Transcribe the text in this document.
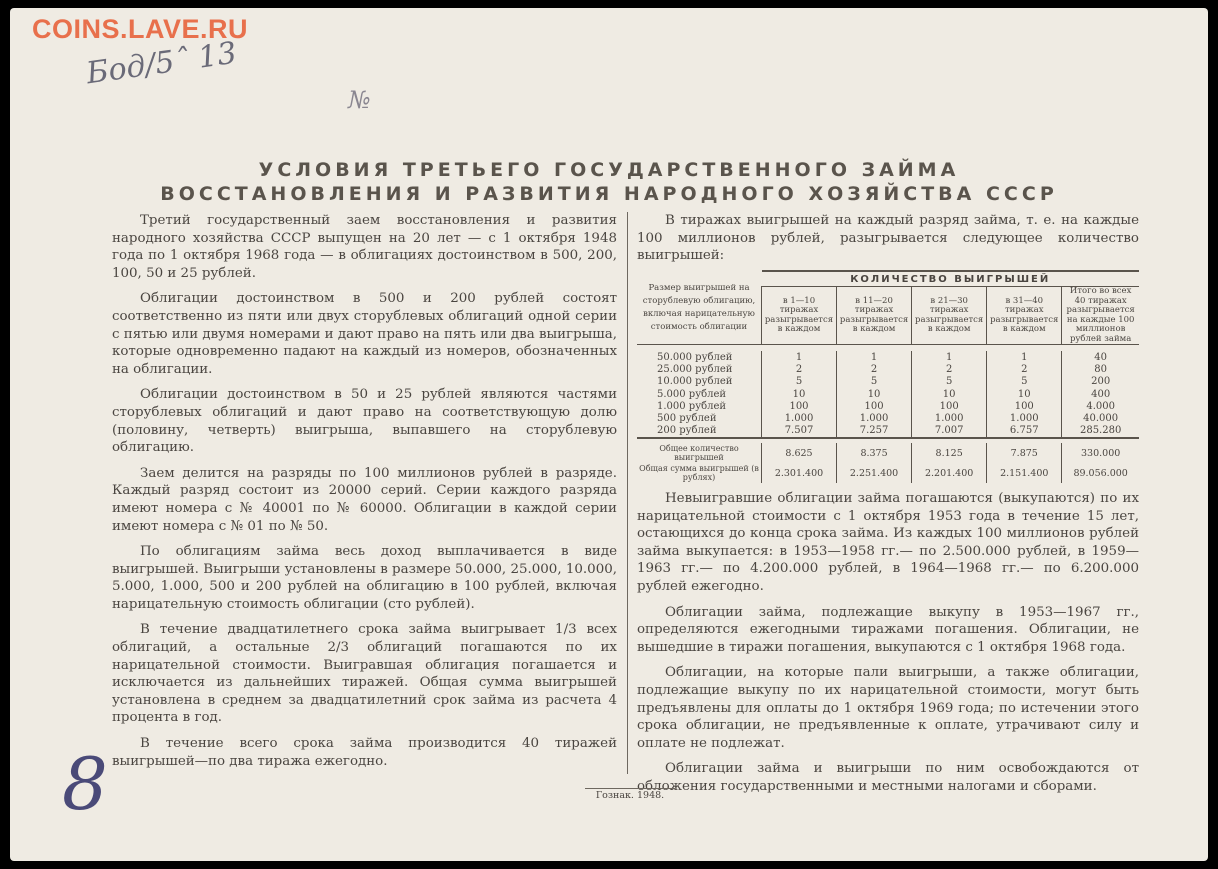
COINS.LAVE.RU
Бод/5ˆ 13
№
8
УСЛОВИЯ ТРЕТЬЕГО ГОСУДАРСТВЕННОГО ЗАЙМА
ВОССТАНОВЛЕНИЯ И РАЗВИТИЯ НАРОДНОГО ХОЗЯЙСТВА СССР

Третий государственный заем восстановления и развития народного хозяйства СССР выпущен на 20 лет — с 1 октября 1948 года по 1 октября 1968 года — в облигациях достоинством в 500, 200, 100, 50 и 25 рублей.

Облигации достоинством в 500 и 200 рублей состоят соответственно из пяти или двух сторублевых облигаций одной серии с пятью или двумя номерами и дают право на пять или два выигрыша, которые одновременно падают на каждый из номеров, обозначенных на облигации.

Облигации достоинством в 50 и 25 рублей являются частями сторублевых облигаций и дают право на соответствующую долю (половину, четверть) выигрыша, выпавшего на сторублевую облигацию.

Заем делится на разряды по 100 миллионов рублей в разряде. Каждый разряд состоит из 20000 серий. Серии каждого разряда имеют номера с № 40001 по № 60000. Облигации в каждой серии имеют номера с № 01 по № 50.

По облигациям займа весь доход выплачивается в виде выигрышей. Выигрыши установлены в размере 50.000, 25.000, 10.000, 5.000, 1.000, 500 и 200 рублей на облигацию в 100 рублей, включая нарицательную стоимость облигации (сто рублей).

В течение двадцатилетнего срока займа выигрывает 1/3 всех облигаций, а остальные 2/3 облигаций погашаются по их нарицательной стоимости. Выигравшая облигация погашается и исключается из дальнейших тиражей. Общая сумма выигрышей установлена в среднем за двадцатилетний срок займа из расчета 4 процента в год.

В течение всего срока займа производится 40 тиражей выигрышей—по два тиража ежегодно.

В тиражах выигрышей на каждый разряд займа, т. е. на каждые 100 миллионов рублей, разыгрывается следующее количество выигрышей:

Размер выигрышей на сторублевую облигацию, включая нарицательную стоимость облигации	КОЛИЧЕСТВО ВЫИГРЫШЕЙ				
	в 1—10 тиражах разыгрывается в каждом	в 11—20 тиражах разыгрывается в каждом	в 21—30 тиражах разыгрывается в каждом	в 31—40 тиражах разыгрывается в каждом	Итого во всех 40 тиражах разыгрывается на каждые 100 миллионов рублей займа

50.000 рублей	1	1	1	1	40
25.000 рублей	2	2	2	2	80
10.000 рублей	5	5	5	5	200
5.000 рублей	10	10	10	10	400
1.000 рублей	100	100	100	100	4.000
500 рублей	1.000	1.000	1.000	1.000	40.000
200 рублей	7.507	7.257	7.007	6.757	285.280

Общее количество выигрышей	8.625	8.375	8.125	7.875	330.000
Общая сумма выигрышей (в рублях)	2.301.400	2.251.400	2.201.400	2.151.400	89.056.000

Невыигравшие облигации займа погашаются (выкупаются) по их нарицательной стоимости с 1 октября 1953 года в течение 15 лет, остающихся до конца срока займа. Из каждых 100 миллионов рублей займа выкупается: в 1953—1958 гг.— по 2.500.000 рублей, в 1959—1963 гг.— по 4.200.000 рублей, в 1964—1968 гг.— по 6.200.000 рублей ежегодно.

Облигации займа, подлежащие выкупу в 1953—1967 гг., определяются ежегодными тиражами погашения. Облигации, не вышедшие в тиражи погашения, выкупаются с 1 октября 1968 года.

Облигации, на которые пали выигрыши, а также облигации, подлежащие выкупу по их нарицательной стоимости, могут быть предъявлены для оплаты до 1 октября 1969 года; по истечении этого срока облигации, не предъявленные к оплате, утрачивают силу и оплате не подлежат.

Облигации займа и выигрыши по ним освобождаются от обложения государственными и местными налогами и сборами.

Гознак. 1948.
